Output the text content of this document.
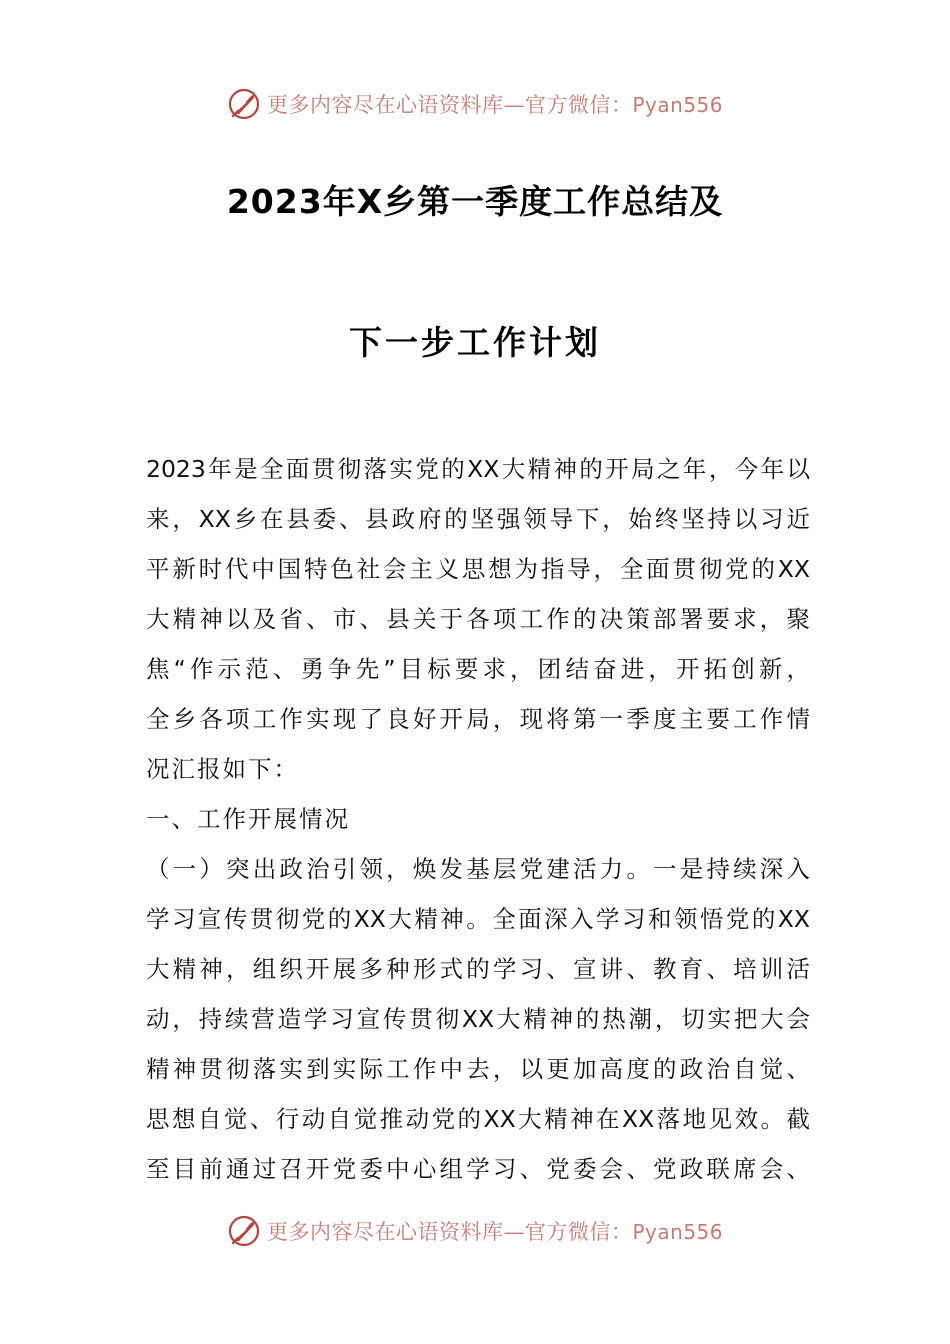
更多内容尽在心语资料库—官方微信：Pyan556
2023年X乡第一季度工作总结及
下一步工作计划
2023年是全面贯彻落实党的XX大精神的开局之年，今年以
来，XX乡在县委、县政府的坚强领导下，始终坚持以习近
平新时代中国特色社会主义思想为指导，全面贯彻党的XX
大精神以及省、市、县关于各项工作的决策部署要求，聚
焦“作示范、勇争先”目标要求，团结奋进，开拓创新，
全乡各项工作实现了良好开局，现将第一季度主要工作情
况汇报如下：
一、工作开展情况
（一）突出政治引领，焕发基层党建活力。一是持续深入
学习宣传贯彻党的XX大精神。全面深入学习和领悟党的XX
大精神，组织开展多种形式的学习、宣讲、教育、培训活
动，持续营造学习宣传贯彻XX大精神的热潮，切实把大会
精神贯彻落实到实际工作中去，以更加高度的政治自觉、
思想自觉、行动自觉推动党的XX大精神在XX落地见效。截
至目前通过召开党委中心组学习、党委会、党政联席会、
更多内容尽在心语资料库—官方微信：Pyan556
